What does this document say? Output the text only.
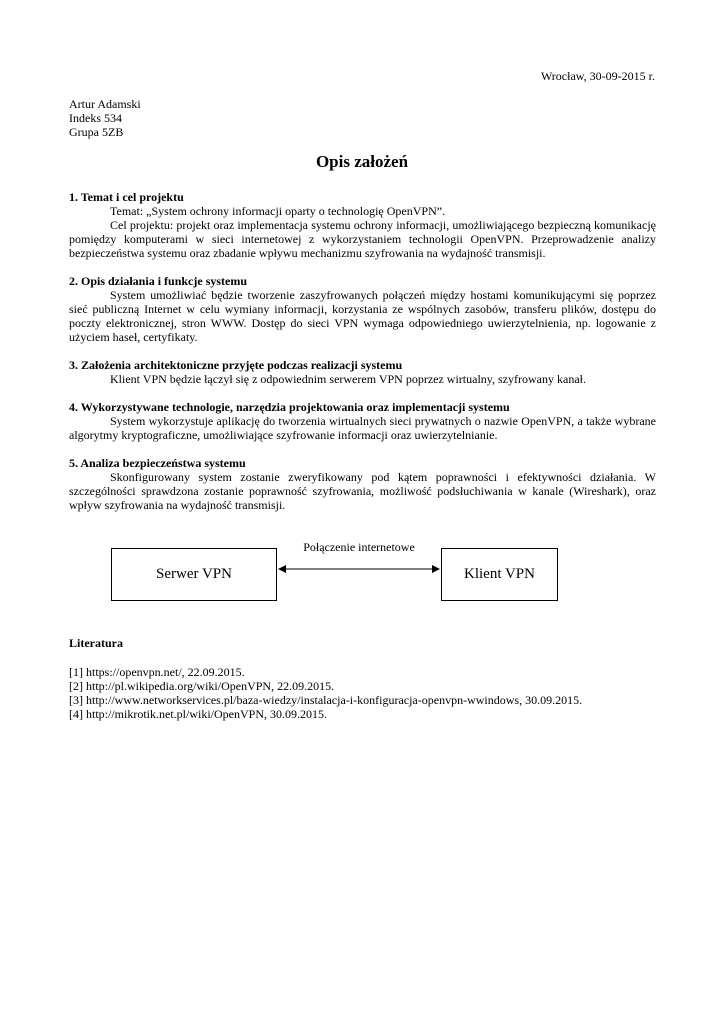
Wrocław, 30-09-2015 r.
Artur Adamski
Indeks 534
Grupa 5ZB
Opis założeń
1. Temat i cel projektu

Temat: „System ochrony informacji oparty o technologię OpenVPN”.

Cel projektu: projekt oraz implementacja systemu ochrony informacji, umożliwiającego bezpieczną komunikację pomiędzy komputerami w sieci internetowej z wykorzystaniem technologii OpenVPN. Przeprowadzenie analizy bezpieczeństwa systemu oraz zbadanie wpływu mechanizmu szyfrowania na wydajność transmisji.

2. Opis działania i funkcje systemu

System umożliwiać będzie tworzenie zaszyfrowanych połączeń między hostami komunikującymi się poprzez sieć publiczną Internet w celu wymiany informacji, korzystania ze wspólnych zasobów, transferu plików, dostępu do poczty elektronicznej, stron WWW. Dostęp do sieci VPN wymaga odpowiedniego uwierzytelnienia, np. logowanie z użyciem haseł, certyfikaty.

3. Założenia architektoniczne przyjęte podczas realizacji systemu

Klient VPN będzie łączył się z odpowiednim serwerem VPN poprzez wirtualny, szyfrowany kanał.

4. Wykorzystywane technologie, narzędzia projektowania oraz implementacji systemu

System wykorzystuje aplikację do tworzenia wirtualnych sieci prywatnych o nazwie OpenVPN, a także wybrane algorytmy kryptograficzne, umożliwiające szyfrowanie informacji oraz uwierzytelnianie.

5. Analiza bezpieczeństwa systemu

Skonfigurowany system zostanie zweryfikowany pod kątem poprawności i efektywności działania. W szczególności sprawdzona zostanie poprawność szyfrowania, możliwość podsłuchiwania w kanale (Wireshark), oraz wpływ szyfrowania na wydajność transmisji.

Połączenie internetowe
Serwer VPN	Klient VPN
Literatura
[1] https://openvpn.net/, 22.09.2015.
[2] http://pl.wikipedia.org/wiki/OpenVPN, 22.09.2015.
[3] http://www.networkservices.pl/baza-wiedzy/instalacja-i-konfiguracja-openvpn-wwindows, 30.09.2015.
[4] http://mikrotik.net.pl/wiki/OpenVPN, 30.09.2015.
